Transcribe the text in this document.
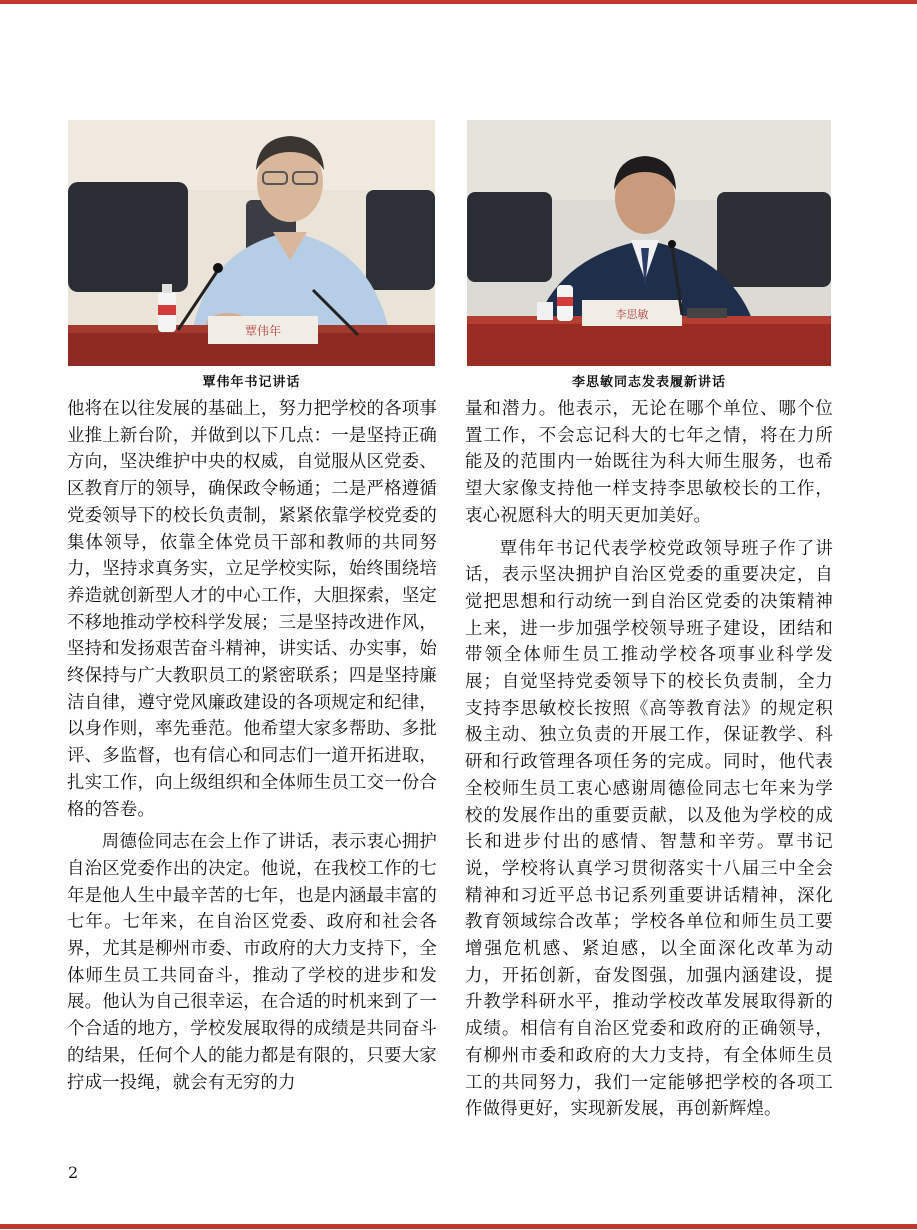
覃伟年
李思敏
覃伟年书记讲话	李思敏同志发表履新讲话

他将在以往发展的基础上，努力把学校的各项事业推上新台阶，并做到以下几点：一是坚持正确方向，坚决维护中央的权威，自觉服从区党委、区教育厅的领导，确保政令畅通；二是严格遵循党委领导下的校长负责制，紧紧依靠学校党委的集体领导，依靠全体党员干部和教师的共同努力，坚持求真务实，立足学校实际，始终围绕培养造就创新型人才的中心工作，大胆探索，坚定不移地推动学校科学发展；三是坚持改进作风，坚持和发扬艰苦奋斗精神，讲实话、办实事，始终保持与广大教职员工的紧密联系；四是坚持廉洁自律，遵守党风廉政建设的各项规定和纪律，以身作则，率先垂范。他希望大家多帮助、多批评、多监督，也有信心和同志们一道开拓进取，扎实工作，向上级组织和全体师生员工交一份合格的答卷。

周德俭同志在会上作了讲话，表示衷心拥护自治区党委作出的决定。他说，在我校工作的七年是他人生中最辛苦的七年，也是内涵最丰富的七年。七年来，在自治区党委、政府和社会各界，尤其是柳州市委、市政府的大力支持下，全体师生员工共同奋斗，推动了学校的进步和发展。他认为自己很幸运，在合适的时机来到了一个合适的地方，学校发展取得的成绩是共同奋斗的结果，任何个人的能力都是有限的，只要大家拧成一投绳，就会有无穷的力

量和潜力。他表示，无论在哪个单位、哪个位置工作，不会忘记科大的七年之情，将在力所能及的范围内一始既往为科大师生服务，也希望大家像支持他一样支持李思敏校长的工作，衷心祝愿科大的明天更加美好。

覃伟年书记代表学校党政领导班子作了讲话，表示坚决拥护自治区党委的重要决定，自觉把思想和行动统一到自治区党委的决策精神上来，进一步加强学校领导班子建设，团结和带领全体师生员工推动学校各项事业科学发展；自觉坚持党委领导下的校长负责制，全力支持李思敏校长按照《高等教育法》的规定积极主动、独立负责的开展工作，保证教学、科研和行政管理各项任务的完成。同时，他代表全校师生员工衷心感谢周德俭同志七年来为学校的发展作出的重要贡献，以及他为学校的成长和进步付出的感情、智慧和辛劳。覃书记说，学校将认真学习贯彻落实十八届三中全会精神和习近平总书记系列重要讲话精神，深化教育领域综合改革；学校各单位和师生员工要增强危机感、紧迫感，以全面深化改革为动力，开拓创新，奋发图强，加强内涵建设，提升教学科研水平，推动学校改革发展取得新的成绩。相信有自治区党委和政府的正确领导，有柳州市委和政府的大力支持，有全体师生员工的共同努力，我们一定能够把学校的各项工作做得更好，实现新发展，再创新辉煌。

2
